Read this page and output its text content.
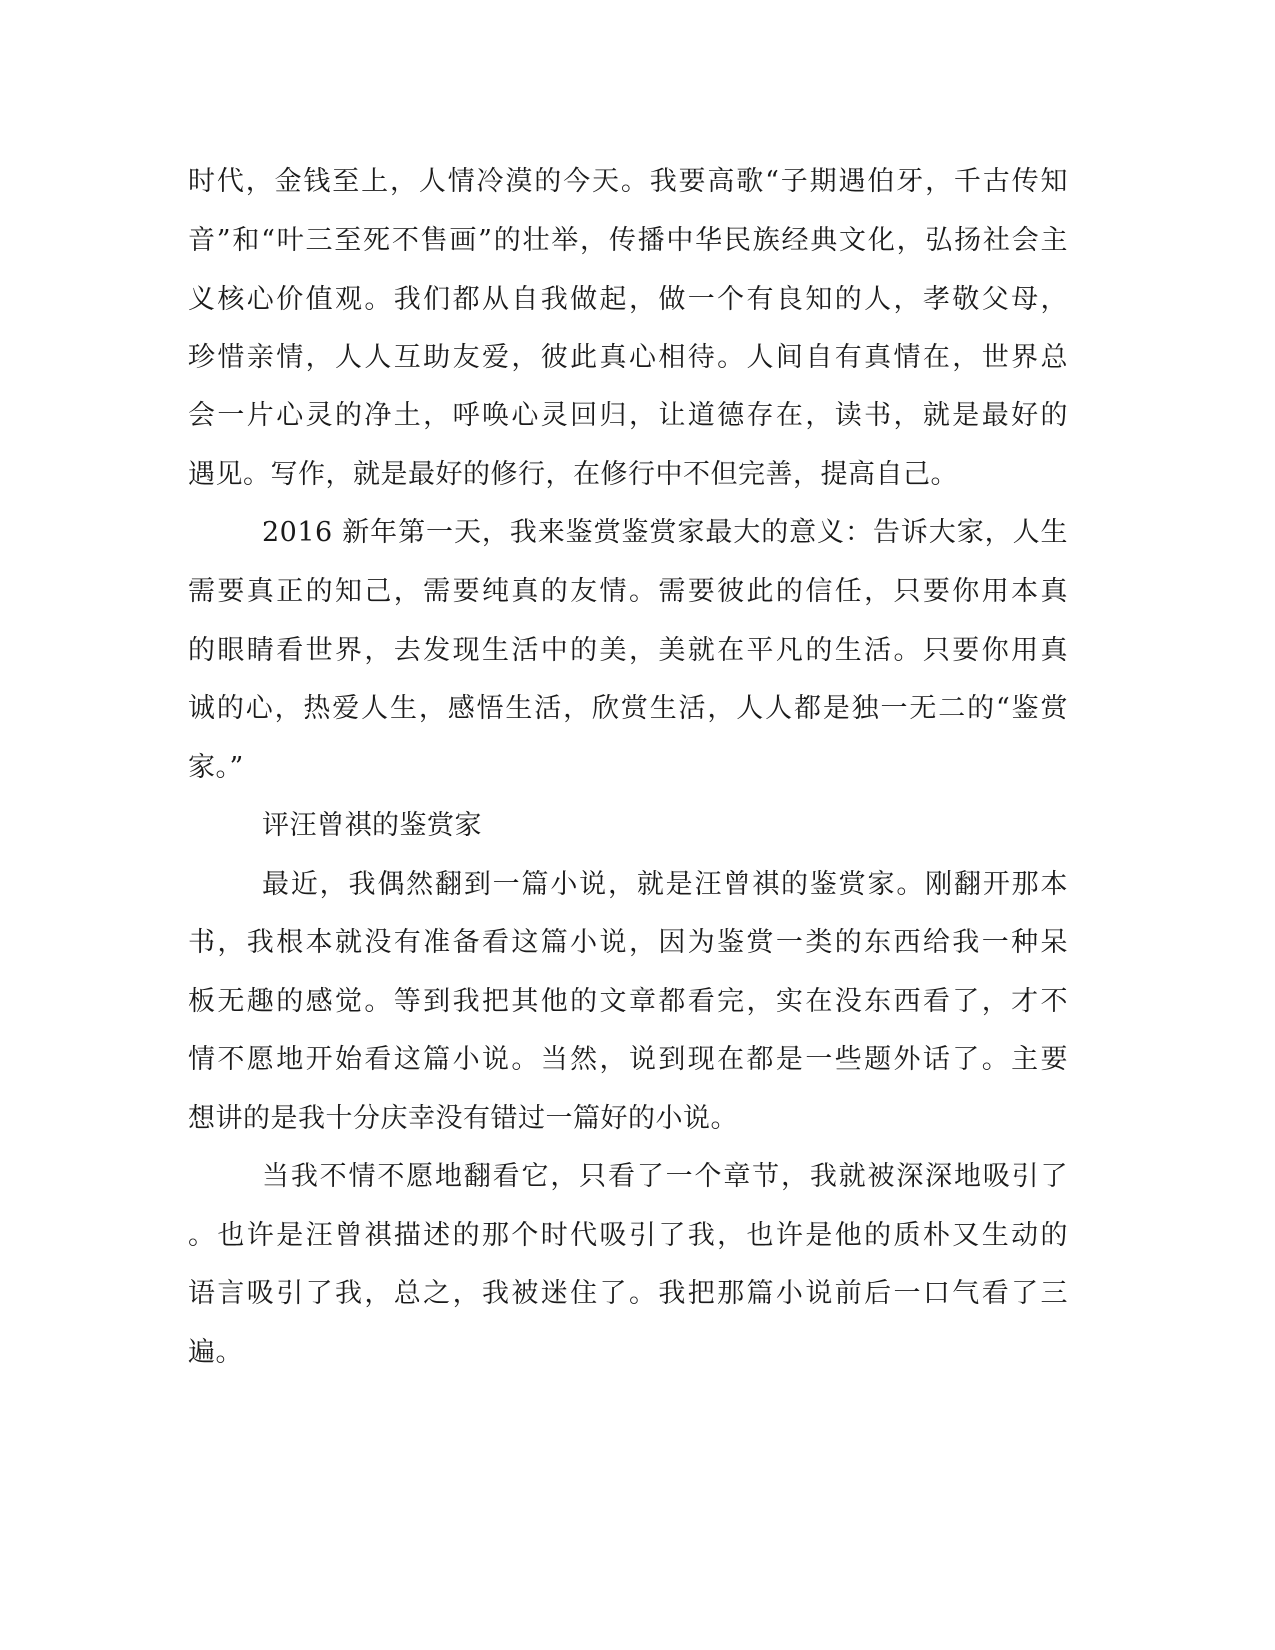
时代，金钱至上，人情冷漠的今天。我要高歌“子期遇伯牙，千古传知
音”和“叶三至死不售画”的壮举，传播中华民族经典文化，弘扬社会主
义核心价值观。我们都从自我做起，做一个有良知的人，孝敬父母，
珍惜亲情，人人互助友爱，彼此真心相待。人间自有真情在，世界总
会一片心灵的净土，呼唤心灵回归，让道德存在，读书，就是最好的
遇见。写作，就是最好的修行，在修行中不但完善，提高自己。
2016 新年第一天，我来鉴赏鉴赏家最大的意义：告诉大家，人生
需要真正的知己，需要纯真的友情。需要彼此的信任，只要你用本真
的眼睛看世界，去发现生活中的美，美就在平凡的生活。只要你用真
诚的心，热爱人生，感悟生活，欣赏生活，人人都是独一无二的“鉴赏
家。”
评汪曾祺的鉴赏家
最近，我偶然翻到一篇小说，就是汪曾祺的鉴赏家。刚翻开那本
书，我根本就没有准备看这篇小说，因为鉴赏一类的东西给我一种呆
板无趣的感觉。等到我把其他的文章都看完，实在没东西看了，才不
情不愿地开始看这篇小说。当然，说到现在都是一些题外话了。主要
想讲的是我十分庆幸没有错过一篇好的小说。
当我不情不愿地翻看它，只看了一个章节，我就被深深地吸引了
。也许是汪曾祺描述的那个时代吸引了我，也许是他的质朴又生动的
语言吸引了我，总之，我被迷住了。我把那篇小说前后一口气看了三
遍。
